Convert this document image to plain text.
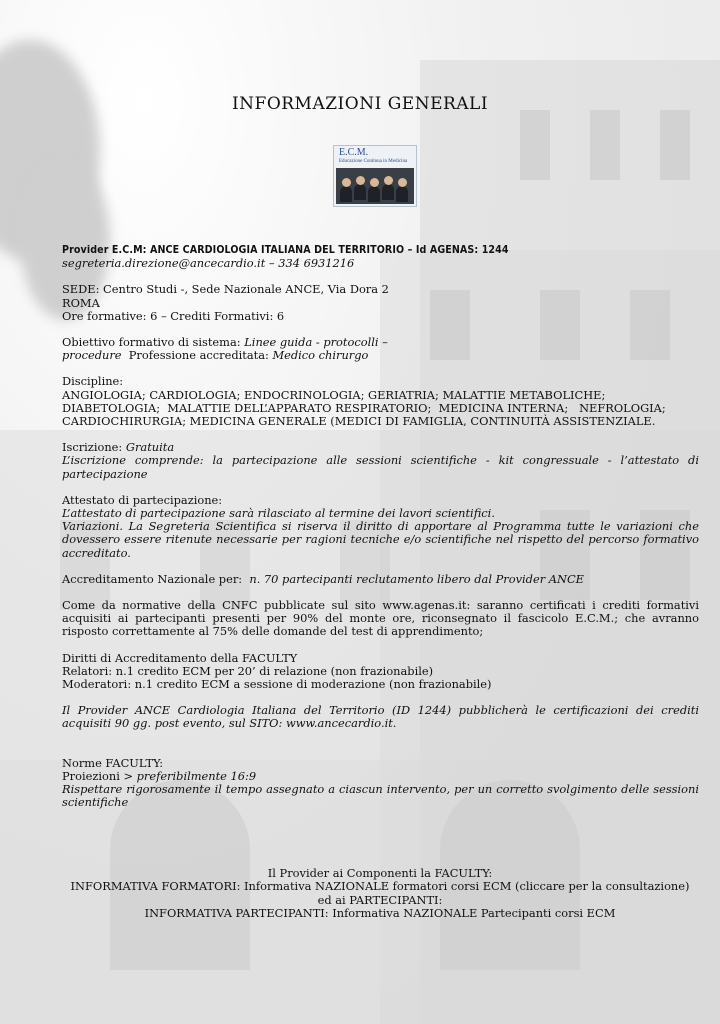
INFORMAZIONI GENERALI
E.C.M.
Educazione Continua in Medicina

Provider E.C.M: ANCE CARDIOLOGIA ITALIANA DEL TERRITORIO – Id AGENAS: 1244

segreteria.direzione@ancecardio.it – 334 6931216

SEDE: Centro Studi -, Sede Nazionale ANCE, Via Dora 2

ROMA

Ore formative: 6 – Crediti Formativi: 6

Obiettivo formativo di sistema: Linee guida - protocolli –

procedure  Professione accreditata: Medico chirurgo

Discipline:

ANGIOLOGIA; CARDIOLOGIA; ENDOCRINOLOGIA; GERIATRIA; MALATTIE METABOLICHE;

DIABETOLOGIA;  MALATTIE DELL’APPARATO RESPIRATORIO;  MEDICINA INTERNA;   NEFROLOGIA;

CARDIOCHIRURGIA; MEDICINA GENERALE (MEDICI DI FAMIGLIA, CONTINUITÀ ASSISTENZIALE.

Iscrizione: Gratuita

L’iscrizione comprende: la partecipazione alle sessioni scientifiche - kit congressuale - l’attestato di partecipazione

Attestato di partecipazione:

L’attestato di partecipazione sarà rilasciato al termine dei lavori scientifici.

Variazioni. La Segreteria Scientifica si riserva il diritto di apportare al Programma tutte le variazioni che dovessero essere ritenute necessarie per ragioni tecniche e/o scientifiche nel rispetto del percorso formativo accreditato.

Accreditamento Nazionale per:  n. 70 partecipanti reclutamento libero dal Provider ANCE

Come da normative della CNFC pubblicate sul sito www.agenas.it: saranno certificati i crediti formativi acquisiti ai partecipanti presenti per 90% del monte ore, riconsegnato il fascicolo E.C.M.; che avranno risposto correttamente al 75% delle domande del test di apprendimento;

Diritti di Accreditamento della FACULTY

Relatori: n.1 credito ECM per 20’ di relazione (non frazionabile)

Moderatori: n.1 credito ECM a sessione di moderazione (non frazionabile)

Il Provider ANCE Cardiologia Italiana del Territorio (ID 1244) pubblicherà le certificazioni dei crediti acquisiti 90 gg. post evento, sul SITO: www.ancecardio.it.

Norme FACULTY:

Proiezioni > preferibilmente 16:9

Rispettare rigorosamente il tempo assegnato a ciascun intervento, per un corretto svolgimento delle sessioni scientifiche

Il Provider ai Componenti la FACULTY:

INFORMATIVA FORMATORI: Informativa NAZIONALE formatori corsi ECM (cliccare per la consultazione)

ed ai PARTECIPANTI:

INFORMATIVA PARTECIPANTI: Informativa NAZIONALE Partecipanti corsi ECM
